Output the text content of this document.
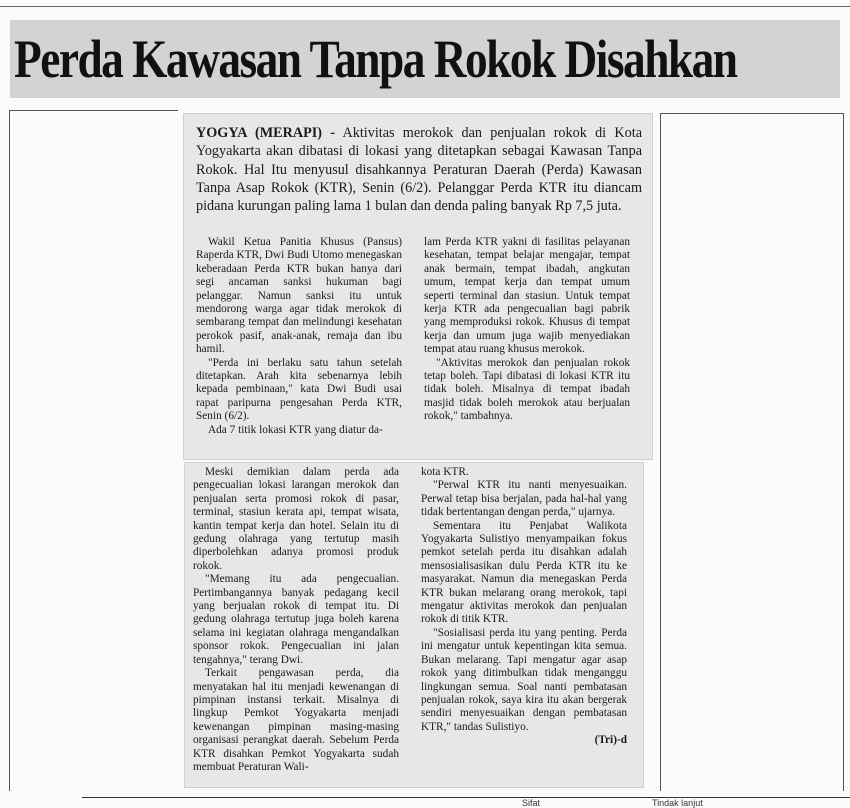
Perda Kawasan Tanpa Rokok Disahkan
YOGYA (MERAPI) - Aktivitas merokok dan penjualan rokok di Kota Yogyakarta akan dibatasi di lokasi yang ditetapkan sebagai Kawasan Tanpa Rokok. Hal Itu menyusul disahkannya Peraturan Daerah (Perda) Kawasan Tanpa Asap Rokok (KTR), Senin (6/2). Pelanggar Perda KTR itu diancam pidana kurungan paling lama 1 bulan dan denda paling banyak Rp 7,5 juta.

Wakil Ketua Panitia Khusus (Pansus) Raperda KTR, Dwi Budi Utomo menegaskan keberadaan Perda KTR bukan hanya dari segi ancaman sanksi hukuman bagi pelanggar. Namun sanksi itu untuk mendorong warga agar tidak merokok di sembarang tempat dan melindungi kesehatan perokok pasif, anak-anak, remaja dan ibu hamil.

"Perda ini berlaku satu tahun setelah ditetapkan. Arah kita sebenarnya lebih kepada pembinaan," kata Dwi Budi usai rapat paripurna pengesahan Perda KTR, Senin (6/2).

Ada 7 titik lokasi KTR yang diatur da-

lam Perda KTR yakni di fasilitas pelayanan kesehatan, tempat belajar mengajar, tempat anak bermain, tempat ibadah, angkutan umum, tempat kerja dan tempat umum seperti terminal dan stasiun. Untuk tempat kerja KTR ada pengecualian bagi pabrik yang memproduksi rokok. Khusus di tempat kerja dan umum juga wajib menyediakan tempat atau ruang khusus merokok.

"Aktivitas merokok dan penjualan rokok tetap boleh. Tapi dibatasi di lokasi KTR itu tidak boleh. Misalnya di tempat ibadah masjid tidak boleh merokok atau berjualan rokok," tambahnya.

Meski demikian dalam perda ada pengecualian lokasi larangan merokok dan penjualan serta promosi rokok di pasar, terminal, stasiun kerata api, tempat wisata, kantin tempat kerja dan hotel. Selain itu di gedung olahraga yang tertutup masih diperbolehkan adanya promosi produk rokok.

"Memang itu ada pengecualian. Pertimbangannya banyak pedagang kecil yang berjualan rokok di tempat itu. Di gedung olahraga tertutup juga boleh karena selama ini kegiatan olahraga mengandalkan sponsor rokok. Pengecualian ini jalan tengahnya," terang Dwi.

Terkait pengawasan perda, dia menyatakan hal itu menjadi kewenangan di pimpinan instansi terkait. Misalnya di lingkup Pemkot Yogyakarta menjadi kewenangan pimpinan masing-masing organisasi perangkat daerah. Sebelum Perda KTR disahkan Pemkot Yogyakarta sudah membuat Peraturan Wali-

kota KTR.

"Perwal KTR itu nanti menyesuaikan. Perwal tetap bisa berjalan, pada hal-hal yang tidak bertentangan dengan perda," ujarnya.

Sementara itu Penjabat Walikota Yogyakarta Sulistiyo menyampaikan fokus pemkot setelah perda itu disahkan adalah mensosialisasikan dulu Perda KTR itu ke masyarakat. Namun dia menegaskan Perda KTR bukan melarang orang merokok, tapi mengatur aktivitas merokok dan penjualan rokok di titik KTR.

"Sosialisasi perda itu yang penting. Perda ini mengatur untuk kepentingan kita semua. Bukan melarang. Tapi mengatur agar asap rokok yang ditimbulkan tidak menganggu lingkungan semua. Soal nanti pembatasan penjualan rokok, saya kira itu akan bergerak sendiri menyesuaikan dengan pembatasan KTR," tandas Sulistiyo.

(Tri)-d
Sifat	Tindak lanjut
